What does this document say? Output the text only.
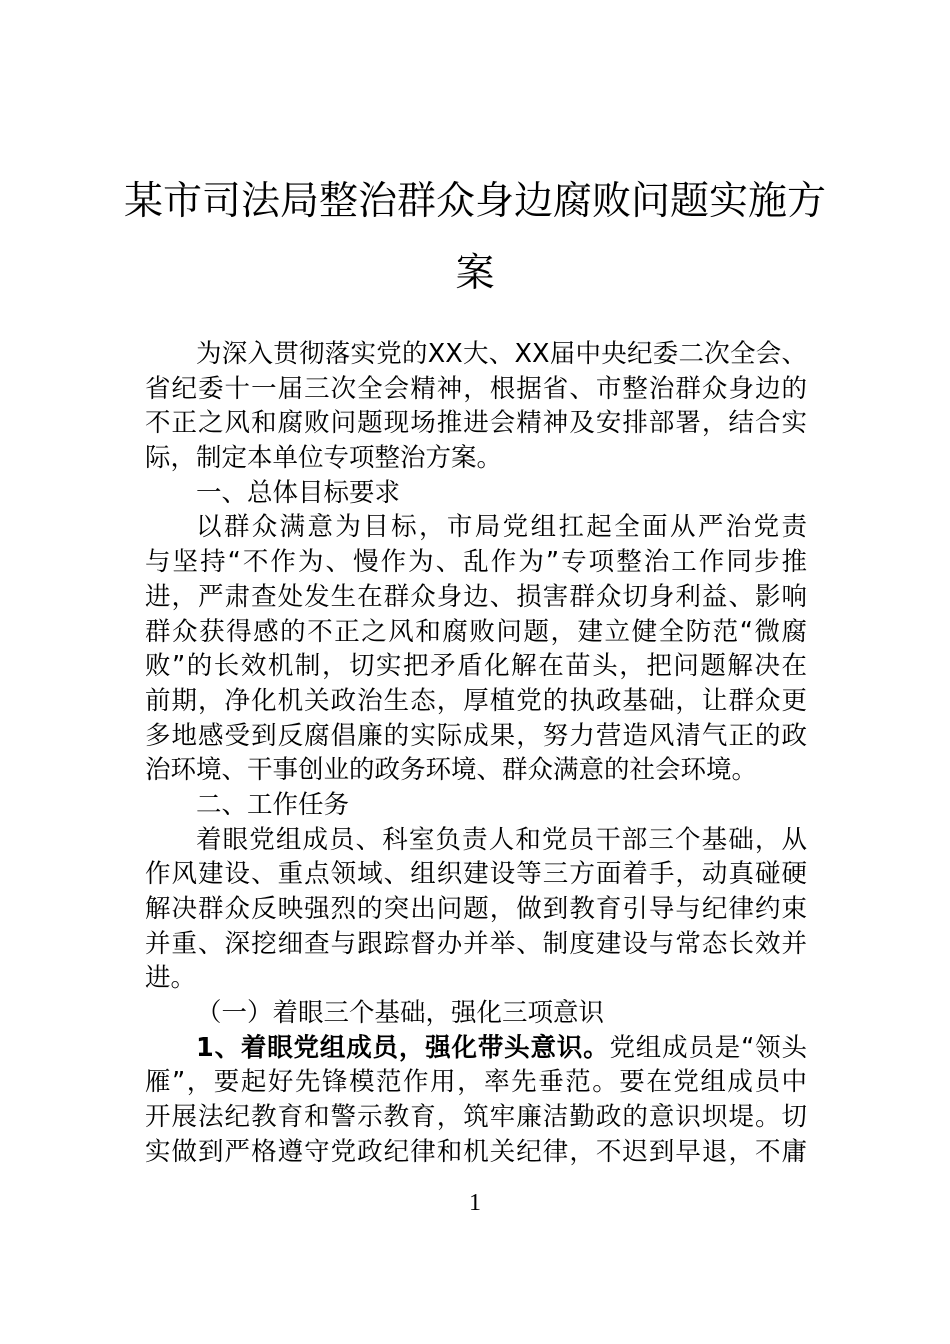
某市司法局整治群众身边腐败问题实施方
案
为深入贯彻落实党的XX大、XX届中央纪委二次全会、
省纪委十一届三次全会精神，根据省、市整治群众身边的
不正之风和腐败问题现场推进会精神及安排部署，结合实
际，制定本单位专项整治方案。
一、总体目标要求
以群众满意为目标，市局党组扛起全面从严治党责
与坚持“不作为、慢作为、乱作为”专项整治工作同步推
进，严肃查处发生在群众身边、损害群众切身利益、影响
群众获得感的不正之风和腐败问题，建立健全防范“微腐
败”的长效机制，切实把矛盾化解在苗头，把问题解决在
前期，净化机关政治生态，厚植党的执政基础，让群众更
多地感受到反腐倡廉的实际成果，努力营造风清气正的政
治环境、干事创业的政务环境、群众满意的社会环境。
二、工作任务
着眼党组成员、科室负责人和党员干部三个基础，从
作风建设、重点领域、组织建设等三方面着手，动真碰硬
解决群众反映强烈的突出问题，做到教育引导与纪律约束
并重、深挖细查与跟踪督办并举、制度建设与常态长效并
进。
（一）着眼三个基础，强化三项意识
1、着眼党组成员，强化带头意识。党组成员是“领头
雁”，要起好先锋模范作用，率先垂范。要在党组成员中
开展法纪教育和警示教育，筑牢廉洁勤政的意识坝堤。切
实做到严格遵守党政纪律和机关纪律，不迟到早退，不庸
1
